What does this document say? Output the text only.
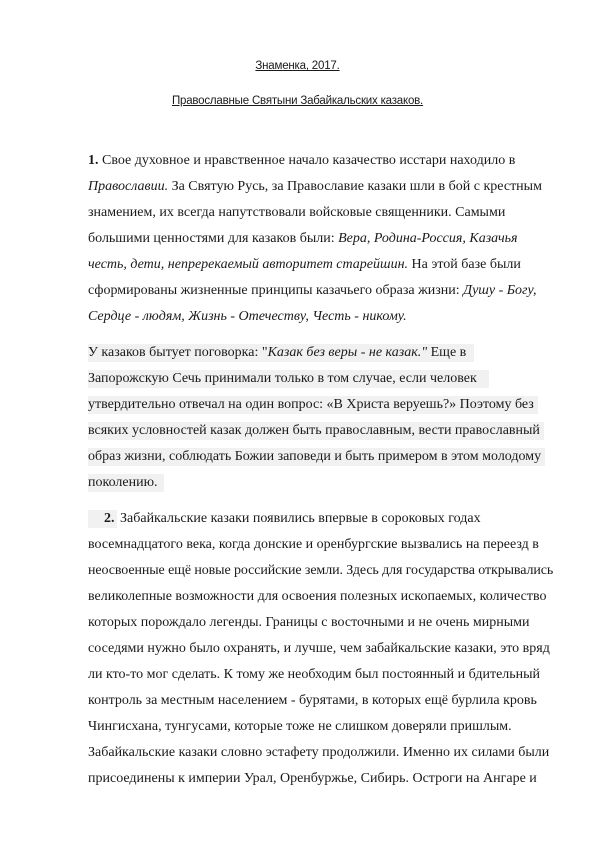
Знаменка, 2017.
Православные Святыни Забайкальских казаков.
1. Свое духовное и нравственное начало казачество исстари находило в
Православии. За Святую Русь, за Православие казаки шли в бой с крестным
знамением, их всегда напутствовали войсковые священники. Самыми
большими ценностями для казаков были: Вера, Родина-Россия, Казачья
честь, дети, непререкаемый авторитет старейшин. На этой базе были
сформированы жизненные принципы казачьего образа жизни: Душу - Богу,
Сердце - людям, Жизнь - Отечеству, Честь - никому.
У казаков бытует поговорка: "Казак без веры - не казак." Еще в
Запорожскую Сечь принимали только в том случае, если человек
утвердительно отвечал на один вопрос: «В Христа веруешь?» Поэтому без
всяких условностей казак должен быть православным, вести православный
образ жизни, соблюдать Божии заповеди и быть примером в этом молодому
поколению.
2. Забайкальские казаки появились впервые в сороковых годах
восемнадцатого века, когда донские и оренбургские вызвались на переезд в
неосвоенные ещё новые российские земли. Здесь для государства открывались
великолепные возможности для освоения полезных ископаемых, количество
которых порождало легенды. Границы с восточными и не очень мирными
соседями нужно было охранять, и лучше, чем забайкальские казаки, это вряд
ли кто-то мог сделать. К тому же необходим был постоянный и бдительный
контроль за местным населением - бурятами, в которых ещё бурлила кровь
Чингисхана, тунгусами, которые тоже не слишком доверяли пришлым.
Забайкальские казаки словно эстафету продолжили. Именно их силами были
присоединены к империи Урал, Оренбуржье, Сибирь. Остроги на Ангаре и
